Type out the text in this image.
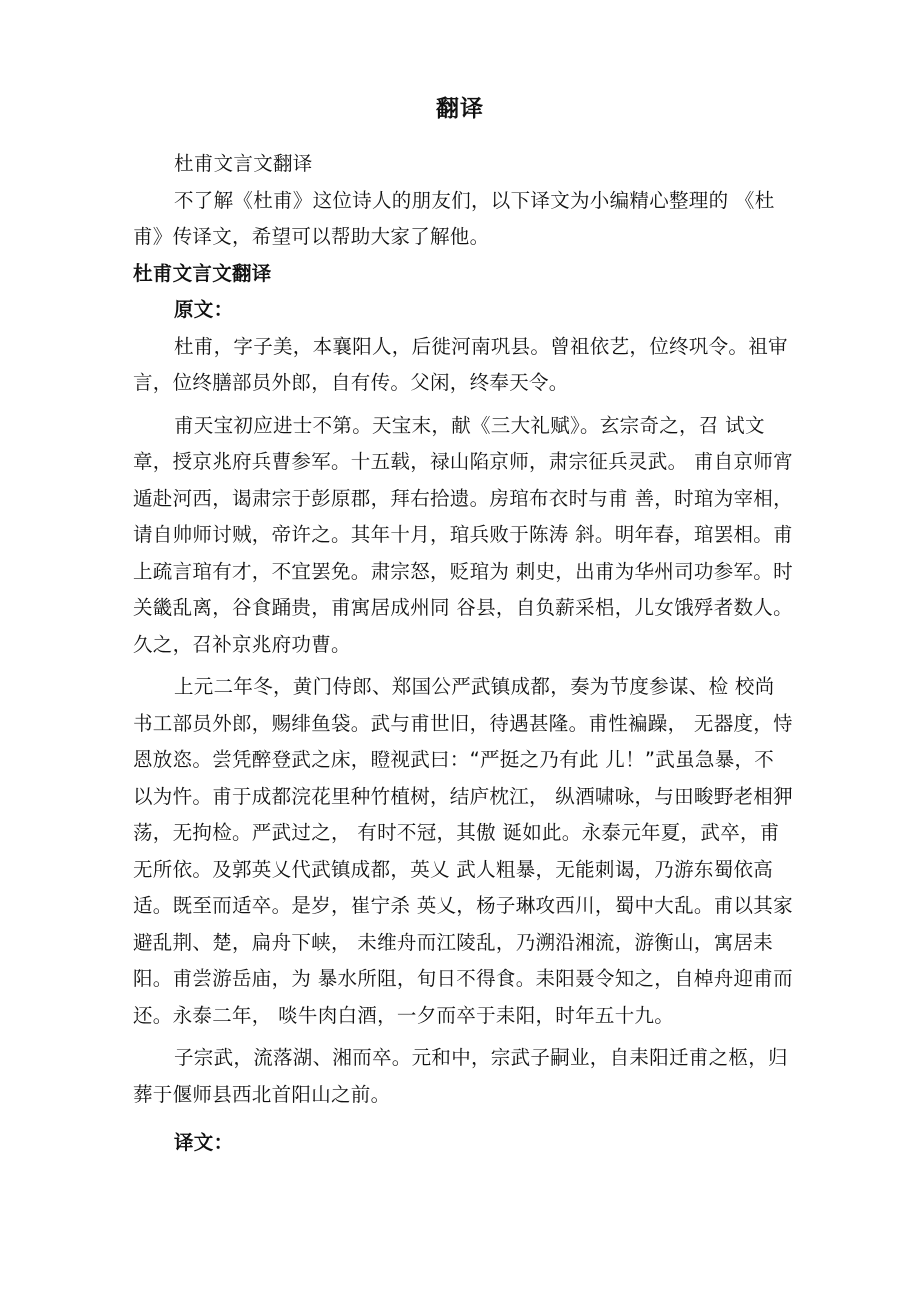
翻译

杜甫文言文翻译

不了解《杜甫》这位诗人的朋友们，以下译文为小编精心整理的 《杜甫》传译文，希望可以帮助大家了解他。

杜甫文言文翻译

原文：

杜甫，字子美，本襄阳人，后徙河南巩县。曾祖依艺，位终巩令。祖审言，位终膳部员外郎，自有传。父闲，终奉天令。

甫天宝初应进士不第。天宝末，献《三大礼赋》。玄宗奇之，召 试文章，授京兆府兵曹参军。十五载，禄山陷京师，肃宗征兵灵武。 甫自京师宵遁赴河西，谒肃宗于彭原郡，拜右拾遗。房琯布衣时与甫 善，时琯为宰相，请自帅师讨贼，帝许之。其年十月，琯兵败于陈涛 斜。明年春，琯罢相。甫上疏言琯有才，不宜罢免。肃宗怒，贬琯为 刺史，出甫为华州司功参军。时关畿乱离，谷食踊贵，甫寓居成州同 谷县，自负薪采梠，儿女饿殍者数人。久之，召补京兆府功曹。

上元二年冬，黄门侍郎、郑国公严武镇成都，奏为节度参谋、检 校尚书工部员外郎，赐绯鱼袋。武与甫世旧，待遇甚隆。甫性褊躁， 无器度，恃恩放恣。尝凭醉登武之床，瞪视武曰：“严挺之乃有此 儿！”武虽急暴，不以为忤。甫于成都浣花里种竹植树，结庐枕江， 纵酒啸咏，与田畯野老相狎荡，无拘检。严武过之， 有时不冠，其傲 诞如此。永泰元年夏，武卒，甫无所依。及郭英乂代武镇成都，英乂 武人粗暴，无能刺谒，乃游东蜀依高适。既至而适卒。是岁，崔宁杀 英乂，杨子琳攻西川，蜀中大乱。甫以其家避乱荆、楚，扁舟下峡， 未维舟而江陵乱，乃溯沿湘流，游衡山，寓居耒阳。甫尝游岳庙，为 暴水所阻，旬日不得食。耒阳聂令知之，自棹舟迎甫而还。永泰二年， 啖牛肉白酒，一夕而卒于耒阳，时年五十九。

子宗武，流落湖、湘而卒。元和中，宗武子嗣业，自耒阳迁甫之柩，归葬于偃师县西北首阳山之前。

译文：
